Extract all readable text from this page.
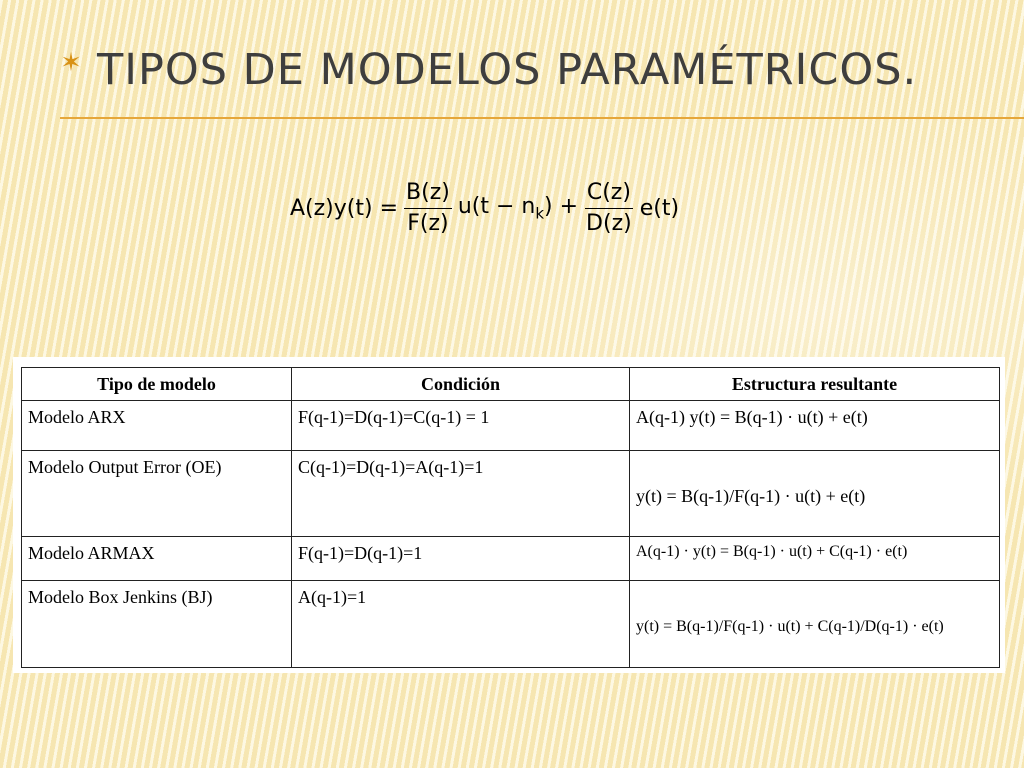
✶ TIPOS DE MODELOS PARAMÉTRICOS.
$A(z)y(t) = \frac{B(z)}{F(z)} u(t - n_k) + \frac{C(z)}{D(z)} e(t)$
Tipo de modelo	Condición	Estructura resultante
Modelo ARX	F(q-1)=D(q-1)=C(q-1) = 1	A(q-1) y(t) = B(q-1) · u(t) + e(t)
Modelo Output Error (OE)	C(q-1)=D(q-1)=A(q-1)=1	y(t) = B(q-1)/F(q-1) · u(t) + e(t)
Modelo ARMAX	F(q-1)=D(q-1)=1	A(q-1) · y(t) = B(q-1) · u(t) + C(q-1) · e(t)
Modelo Box Jenkins (BJ)	A(q-1)=1	y(t) = B(q-1)/F(q-1) · u(t) + C(q-1)/D(q-1) · e(t)
